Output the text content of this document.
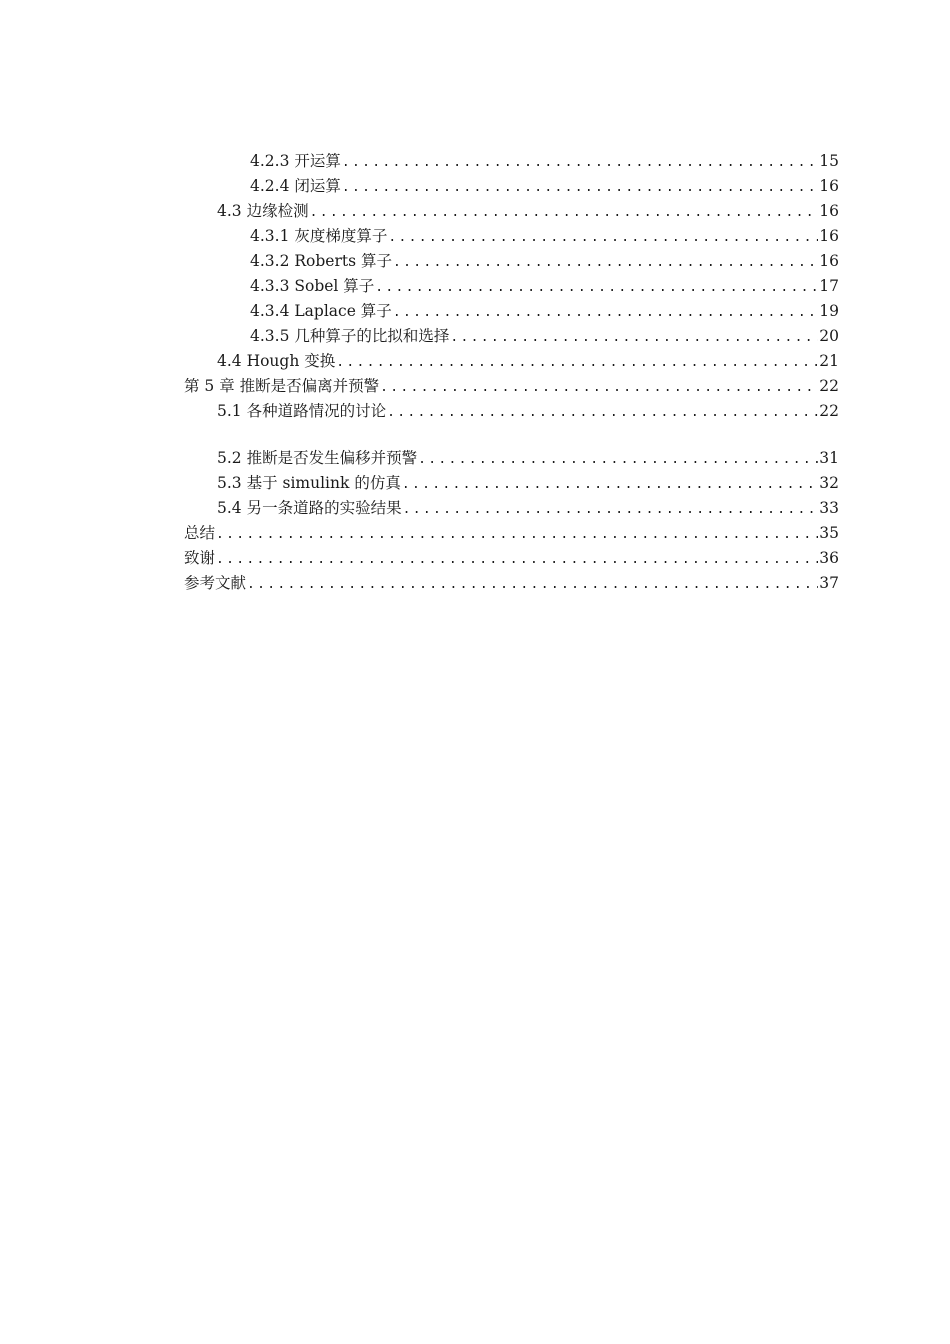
4.2.3 开运算 .....	15
4.2.4 闭运算 .....	16
4.3 边缘检测 .....	16
4.3.1 灰度梯度算子 .....	16
4.3.2 Roberts 算子 .....	16
4.3.3 Sobel 算子 .....	17
4.3.4 Laplace 算子 .....	19
4.3.5 几种算子的比拟和选择 .....	20
4.4 Hough 变换 .....	21
第 5 章 推断是否偏离并预警 .....	22
5.1 各种道路情况的讨论 .....	22
5.2 推断是否发生偏移并预警 .....	31
5.3 基于 simulink 的仿真 .....	32
5.4 另一条道路的实验结果 .....	33
总结 .....	35
致谢 .....	36
参考文献 .....	37
